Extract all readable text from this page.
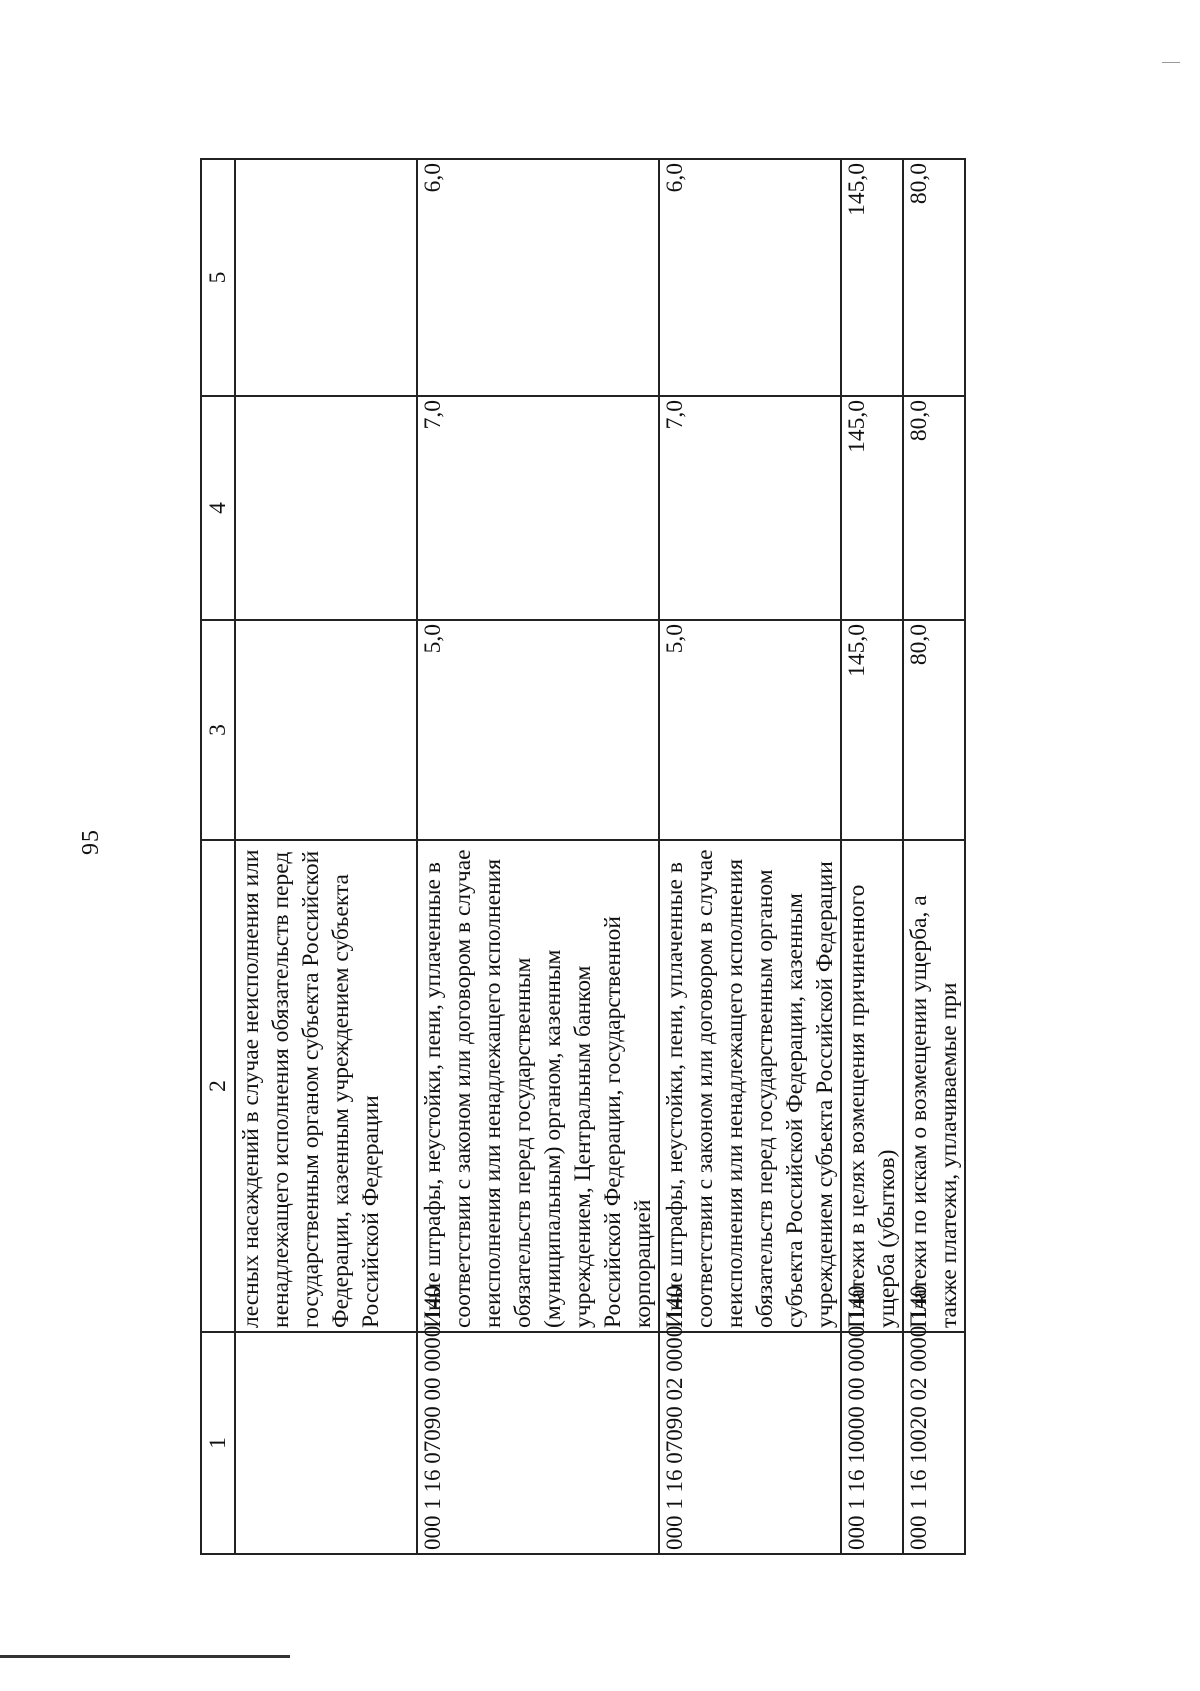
95
1	2	3	4	5
	лесных насаждений в случае неисполнения или ненадлежащего исполнения обязательств перед государственным органом субъекта Российской Федерации, казенным учреждением субъекта Российской Федерации			
000 1 16 07090 00 0000 140	Иные штрафы, неустойки, пени, уплаченные в соответствии с законом или договором в случае неисполнения или ненадлежащего исполнения обязательств перед государственным (муниципальным) органом, казенным учреждением, Центральным банком Российской Федерации, государственной корпорацией	5,0	7,0	6,0
000 1 16 07090 02 0000 140	Иные штрафы, неустойки, пени, уплаченные в соответствии с законом или договором в случае неисполнения или ненадлежащего исполнения обязательств перед государственным органом субъекта Российской Федерации, казенным учреждением субъекта Российской Федерации	5,0	7,0	6,0
000 1 16 10000 00 0000 140	Платежи в целях возмещения причиненного ущерба (убытков)	145,0	145,0	145,0
000 1 16 10020 02 0000 140	Платежи по искам о возмещении ущерба, а также платежи, уплачиваемые при	80,0	80,0	80,0
